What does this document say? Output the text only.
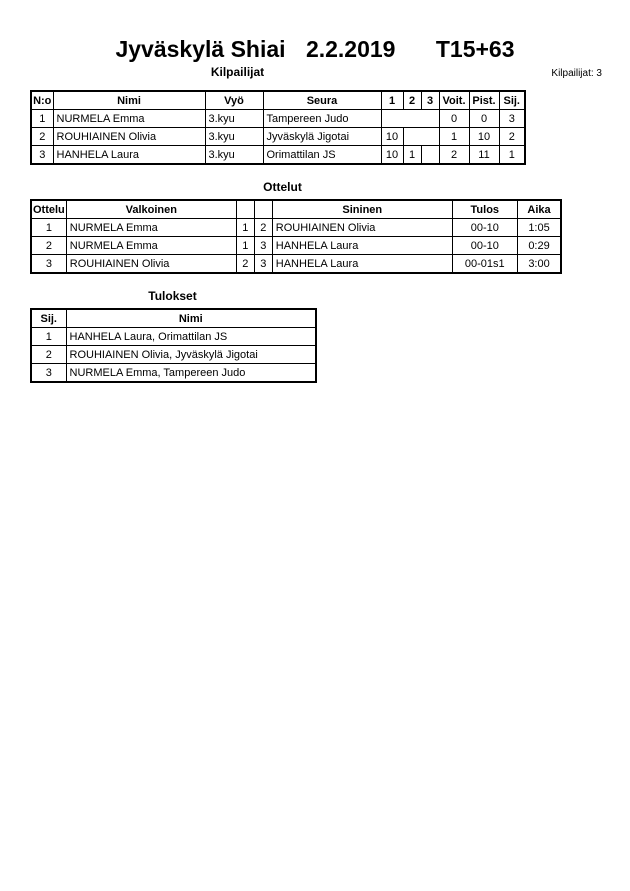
Jyväskylä Shiai 2.2.2019 T15+63
Kilpailijat	Kilpailijat: 3
N:o	Nimi	Vyö	Seura	1	2	3	Voit.	Pist.	Sij.
1	NURMELA Emma	3.kyu	Tampereen Judo				0	0	3
2	ROUHIAINEN Olivia	3.kyu	Jyväskylä Jigotai	10			1	10	2
3	HANHELA Laura	3.kyu	Orimattilan JS	10	1		2	11	1
Ottelut
Ottelu	Valkoinen			Sininen	Tulos	Aika
1	NURMELA Emma	1	2	ROUHIAINEN Olivia	00-10	1:05
2	NURMELA Emma	1	3	HANHELA Laura	00-10	0:29
3	ROUHIAINEN Olivia	2	3	HANHELA Laura	00-01s1	3:00
Tulokset
Sij.	Nimi
1	HANHELA Laura, Orimattilan JS
2	ROUHIAINEN Olivia, Jyväskylä Jigotai
3	NURMELA Emma, Tampereen Judo
